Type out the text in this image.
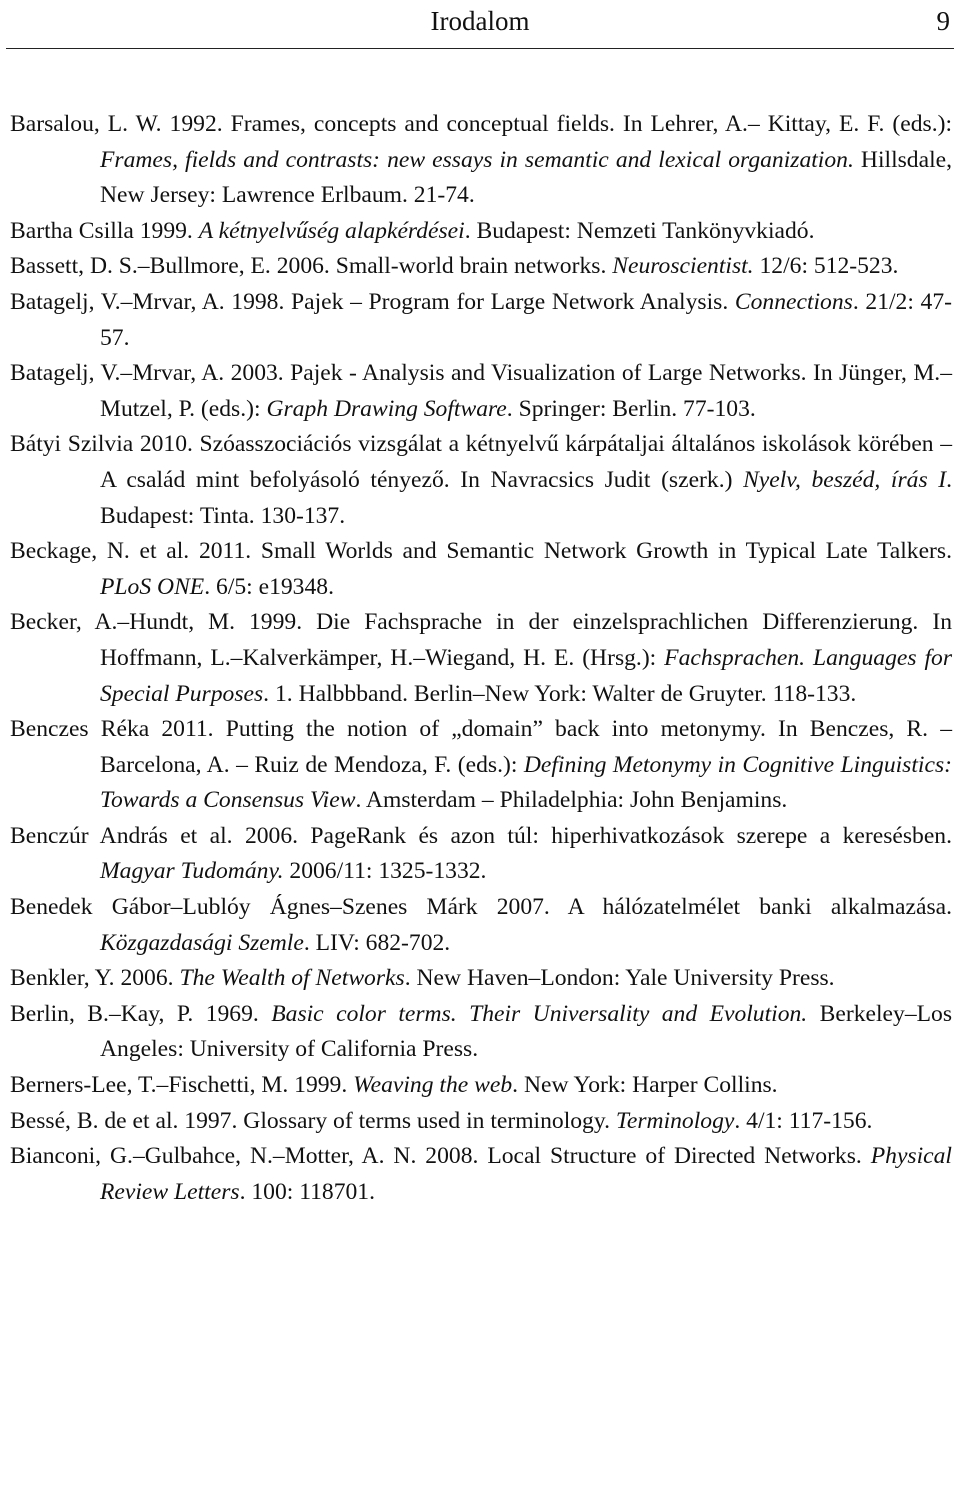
Irodalom	9

Barsalou, L. W. 1992. Frames, concepts and conceptual fields. In Lehrer, A.– Kittay, E. F. (eds.): Frames, fields and contrasts: new essays in semantic and lexical organization. Hillsdale, New Jersey: Lawrence Erlbaum. 21-74.

Bartha Csilla 1999. A kétnyelvűség alapkérdései. Budapest: Nemzeti Tankönyvkiadó.

Bassett, D. S.–Bullmore, E. 2006. Small-world brain networks. Neuroscientist. 12/6: 512-523.

Batagelj, V.–Mrvar, A. 1998. Pajek – Program for Large Network Analysis. Connections. 21/2: 47-57.

Batagelj, V.–Mrvar, A. 2003. Pajek - Analysis and Visualization of Large Networks. In Jünger, M.–Mutzel, P. (eds.): Graph Drawing Software. Springer: Berlin. 77-103.

Bátyi Szilvia 2010. Szóasszociációs vizsgálat a kétnyelvű kárpátaljai általános iskolások körében – A család mint befolyásoló tényező. In Navracsics Judit (szerk.) Nyelv, beszéd, írás I. Budapest: Tinta. 130-137.

Beckage, N. et al. 2011. Small Worlds and Semantic Network Growth in Typical Late Talkers. PLoS ONE. 6/5: e19348.

Becker, A.–Hundt, M. 1999. Die Fachsprache in der einzelsprachlichen Differenzierung. In Hoffmann, L.–Kalverkämper, H.–Wiegand, H. E. (Hrsg.): Fachsprachen. Languages for Special Purposes. 1. Halbbband. Berlin–New York: Walter de Gruyter. 118-133.

Benczes Réka 2011. Putting the notion of „domain” back into metonymy. In Benczes, R. – Barcelona, A. – Ruiz de Mendoza, F. (eds.): Defining Metonymy in Cognitive Linguistics: Towards a Consensus View. Amsterdam – Philadelphia: John Benjamins.

Benczúr András et al. 2006. PageRank és azon túl: hiperhivatkozások szerepe a keresésben. Magyar Tudomány. 2006/11: 1325-1332.

Benedek Gábor–Lublóy Ágnes–Szenes Márk 2007. A hálózatelmélet banki alkalmazása. Közgazdasági Szemle. LIV: 682-702.

Benkler, Y. 2006. The Wealth of Networks. New Haven–London: Yale University Press.

Berlin, B.–Kay, P. 1969. Basic color terms. Their Universality and Evolution. Berkeley–Los Angeles: University of California Press.

Berners-Lee, T.–Fischetti, M. 1999. Weaving the web. New York: Harper Collins.

Bessé, B. de et al. 1997. Glossary of terms used in terminology. Terminology. 4/1: 117-156.

Bianconi, G.–Gulbahce, N.–Motter, A. N. 2008. Local Structure of Directed Networks. Physical Review Letters. 100: 118701.
